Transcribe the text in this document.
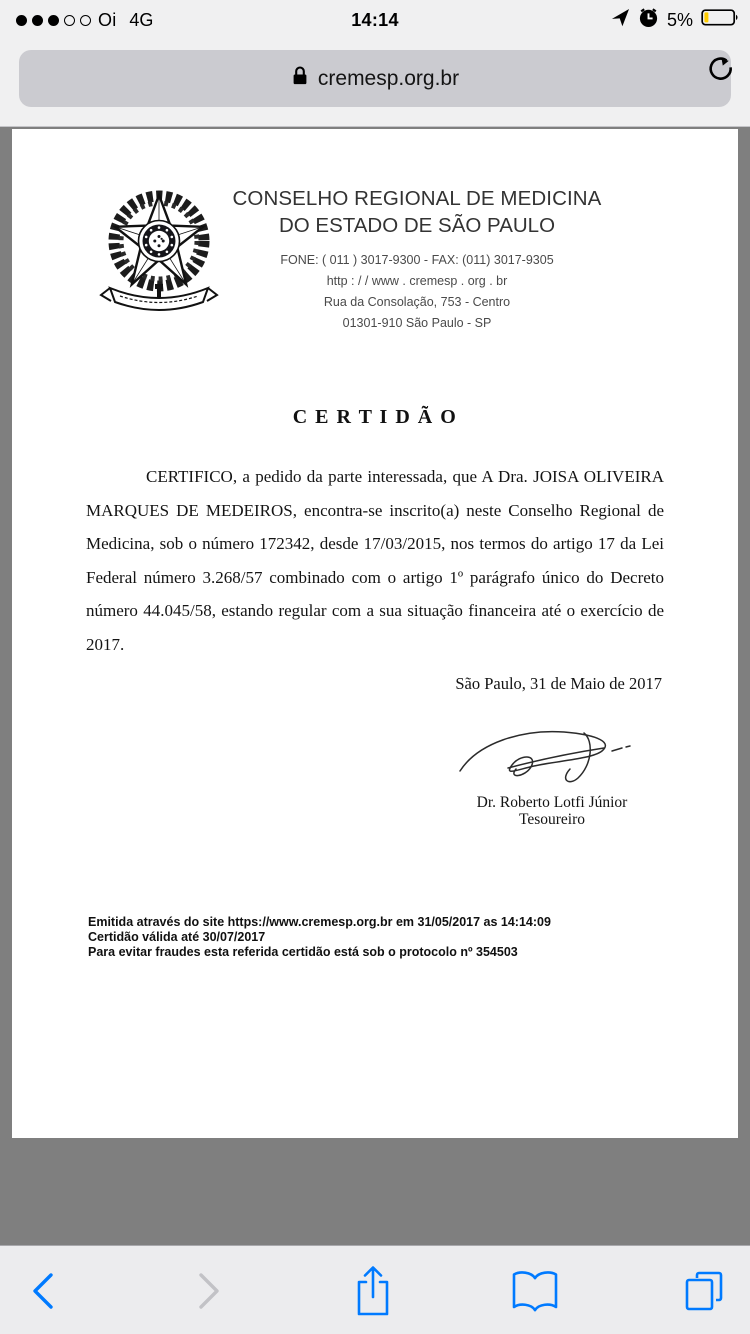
Oi 4G	14:14	5%
cremesp.org.br
CONSELHO REGIONAL DE MEDICINA
DO ESTADO DE SÃO PAULO
FONE: ( 011 ) 3017-9300 - FAX: (011) 3017-9305
http : / / www . cremesp . org . br
Rua da Consolação, 753 - Centro
01301-910 São Paulo - SP
C E R T I D Ã O
CERTIFICO, a pedido da parte interessada, que A Dra. JOISA OLIVEIRA MARQUES DE MEDEIROS, encontra-se inscrito(a) neste Conselho Regional de Medicina, sob o número 172342, desde 17/03/2015, nos termos do artigo 17 da Lei Federal número 3.268/57 combinado com o artigo 1º parágrafo único do Decreto número 44.045/58, estando regular com a sua situação financeira até o exercício de 2017.
São Paulo, 31 de Maio de 2017
Dr. Roberto Lotfi Júnior
Tesoureiro
Emitida através do site https://www.cremesp.org.br em 31/05/2017 as 14:14:09
Certidão válida até 30/07/2017
Para evitar fraudes esta referida certidão está sob o protocolo nº 354503
